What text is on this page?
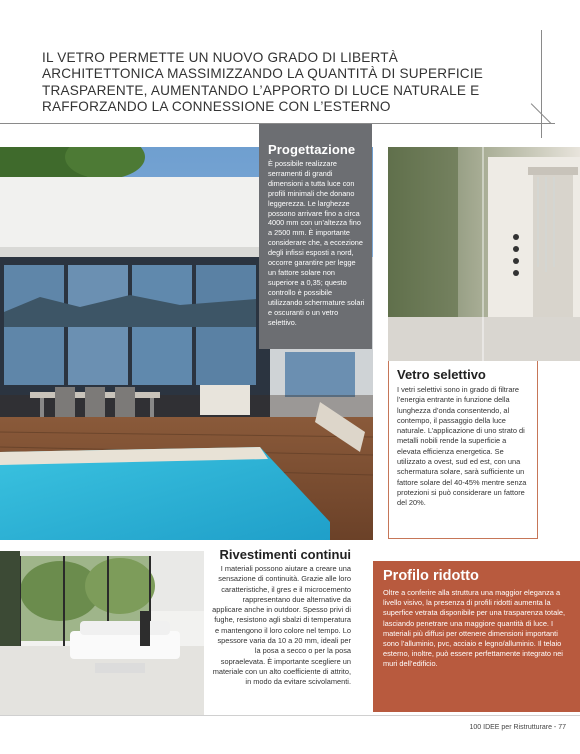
IL VETRO PERMETTE UN NUOVO GRADO DI LIBERTÀ ARCHITETTONICA MASSIMIZZANDO LA QUANTITÀ DI SUPERFICIE TRASPARENTE, AUMENTANDO L’APPORTO DI LUCE NATURALE E RAFFORZANDO LA CONNESSIONE CON L’ESTERNO
Progettazione

È possibile realizzare serramenti di grandi dimensioni a tutta luce con profili minimali che donano leggerezza. Le larghezze possono arrivare fino a circa 4000 mm con un’altezza fino a 2500 mm. È importante considerare che, a eccezione degli infissi esposti a nord, occorre garantire per legge un fattore solare non superiore a 0,35; questo controllo è possibile utilizzando schermature solari e oscuranti o un vetro selettivo.

Vetro selettivo

I vetri selettivi sono in grado di filtrare l’energia entrante in funzione della lunghezza d’onda consentendo, al contempo, il passaggio della luce naturale. L’applicazione di uno strato di metalli nobili rende la superficie a elevata efficienza energetica. Se utilizzato a ovest, sud ed est, con una schermatura solare, sarà sufficiente un fattore solare del 40-45% mentre senza protezioni si può considerare un fattore del 20%.

Rivestimenti continui

I materiali possono aiutare a creare una sensazione di continuità. Grazie alle loro caratteristiche, il gres e il microcemento rappresentano due alternative da applicare anche in outdoor. Spesso privi di fughe, resistono agli sbalzi di temperatura e mantengono il loro colore nel tempo. Lo spessore varia da 10 a 20 mm, ideali per la posa a secco o per la posa sopraelevata. È importante scegliere un materiale con un alto coefficiente di attrito, in modo da evitare scivolamenti.

Profilo ridotto

Oltre a conferire alla struttura una maggior eleganza a livello visivo, la presenza di profili ridotti aumenta la superfice vetrata disponibile per una trasparenza totale, lasciando penetrare una maggiore quantità di luce. I materiali più diffusi per ottenere dimensioni importanti sono l’alluminio, pvc, acciaio e legno/alluminio. Il telaio esterno, inoltre, può essere perfettamente integrato nei muri dell’edificio.

100 IDEE per Ristrutturare - 77
